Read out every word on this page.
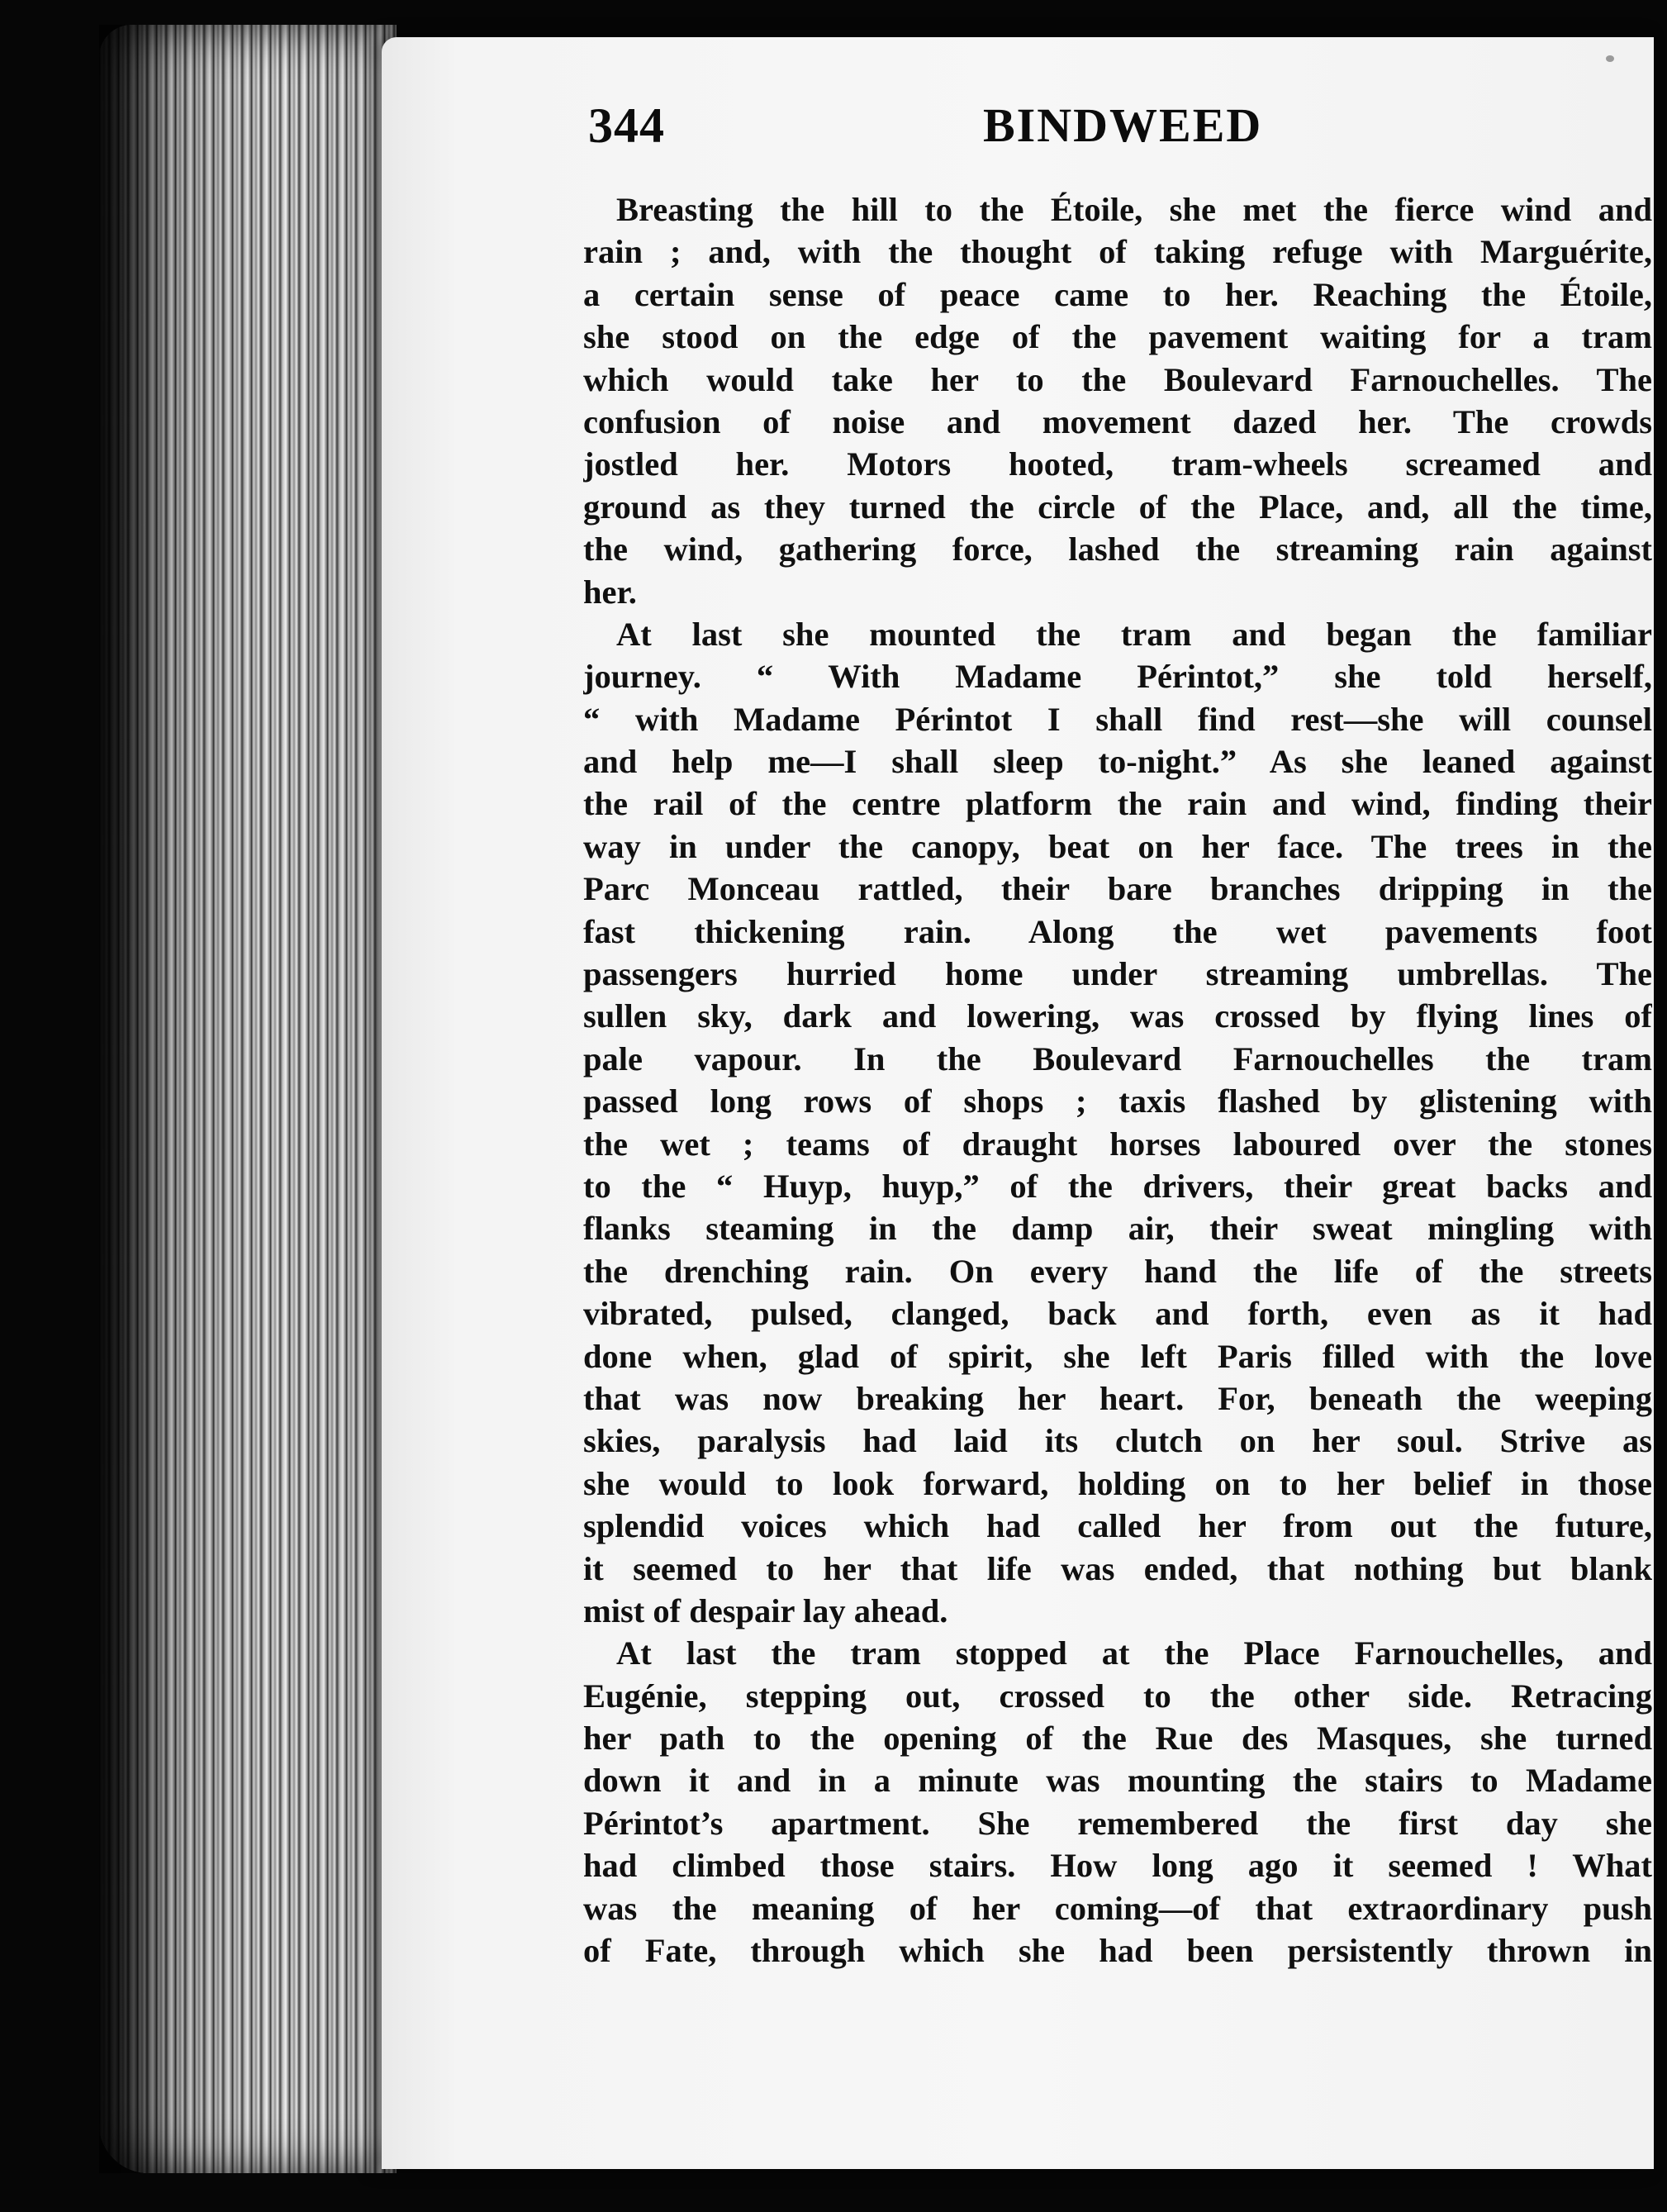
344	BINDWEED
Breasting the hill to the Étoile, she met the fierce wind and
rain ; and, with the thought of taking refuge with Marguérite,
a certain sense of peace came to her. Reaching the Étoile,
she stood on the edge of the pavement waiting for a tram
which would take her to the Boulevard Farnouchelles. The
confusion of noise and movement dazed her. The crowds
jostled her. Motors hooted, tram-wheels screamed and
ground as they turned the circle of the Place, and, all the time,
the wind, gathering force, lashed the streaming rain against
her.
At last she mounted the tram and began the familiar
journey. “ With Madame Périntot,” she told herself,
“ with Madame Périntot I shall find rest—she will counsel
and help me—I shall sleep to-night.” As she leaned against
the rail of the centre platform the rain and wind, finding their
way in under the canopy, beat on her face. The trees in the
Parc Monceau rattled, their bare branches dripping in the
fast thickening rain. Along the wet pavements foot
passengers hurried home under streaming umbrellas. The
sullen sky, dark and lowering, was crossed by flying lines of
pale vapour. In the Boulevard Farnouchelles the tram
passed long rows of shops ; taxis flashed by glistening with
the wet ; teams of draught horses laboured over the stones
to the “ Huyp, huyp,” of the drivers, their great backs and
flanks steaming in the damp air, their sweat mingling with
the drenching rain. On every hand the life of the streets
vibrated, pulsed, clanged, back and forth, even as it had
done when, glad of spirit, she left Paris filled with the love
that was now breaking her heart. For, beneath the weeping
skies, paralysis had laid its clutch on her soul. Strive as
she would to look forward, holding on to her belief in those
splendid voices which had called her from out the future,
it seemed to her that life was ended, that nothing but blank
mist of despair lay ahead.
At last the tram stopped at the Place Farnouchelles, and
Eugénie, stepping out, crossed to the other side. Retracing
her path to the opening of the Rue des Masques, she turned
down it and in a minute was mounting the stairs to Madame
Périntot’s apartment. She remembered the first day she
had climbed those stairs. How long ago it seemed ! What
was the meaning of her coming—of that extraordinary push
of Fate, through which she had been persistently thrown in
